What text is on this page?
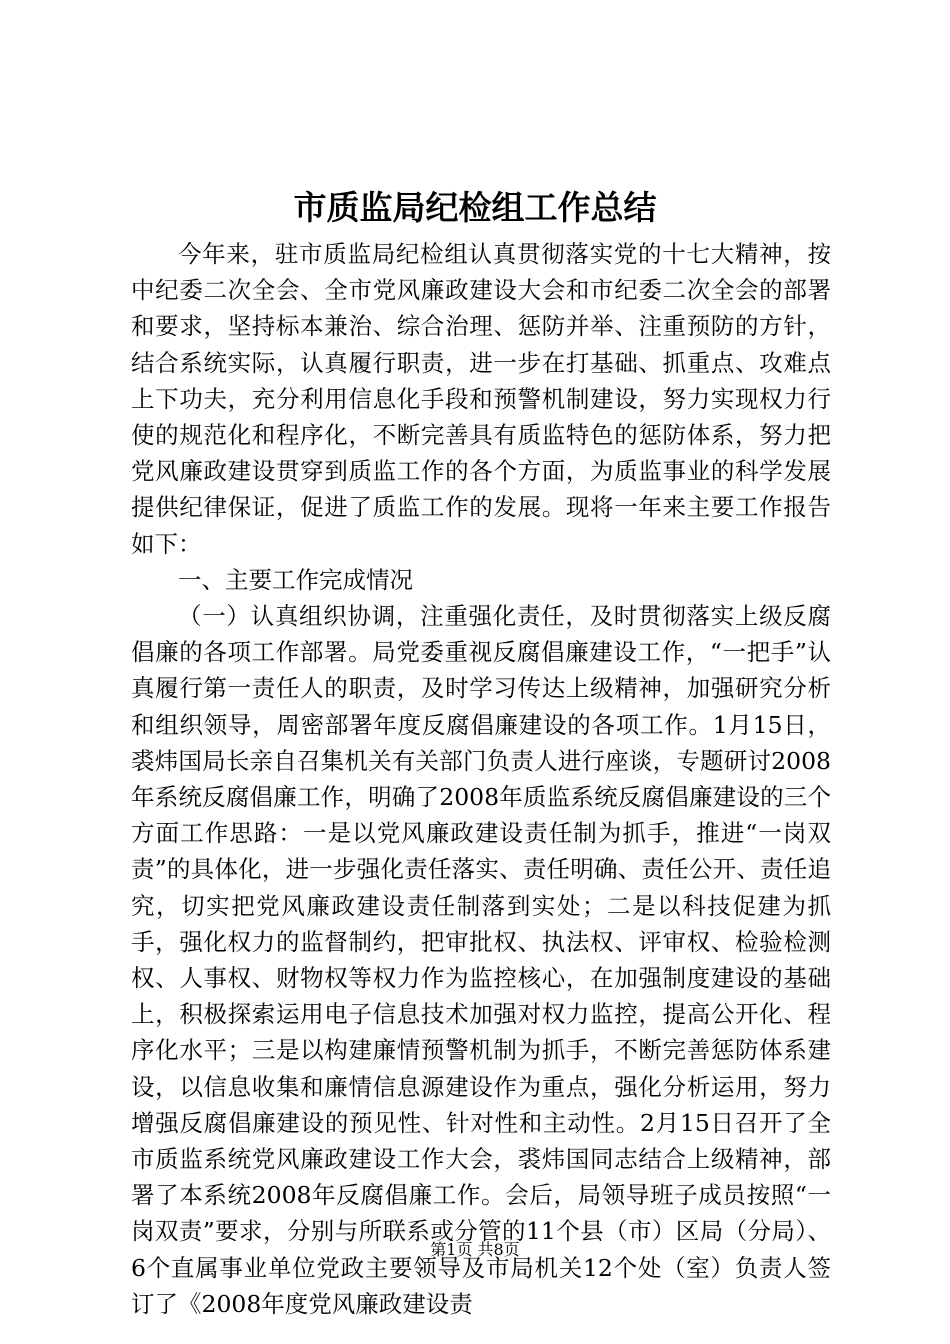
市质监局纪检组工作总结

今年来，驻市质监局纪检组认真贯彻落实党的十七大精神，按中纪委二次全会、全市党风廉政建设大会和市纪委二次全会的部署和要求，坚持标本兼治、综合治理、惩防并举、注重预防的方针，结合系统实际，认真履行职责，进一步在打基础、抓重点、攻难点上下功夫，充分利用信息化手段和预警机制建设，努力实现权力行使的规范化和程序化，不断完善具有质监特色的惩防体系，努力把党风廉政建设贯穿到质监工作的各个方面，为质监事业的科学发展提供纪律保证，促进了质监工作的发展。现将一年来主要工作报告如下：

一、主要工作完成情况

（一）认真组织协调，注重强化责任，及时贯彻落实上级反腐倡廉的各项工作部署。局党委重视反腐倡廉建设工作，“一把手”认真履行第一责任人的职责，及时学习传达上级精神，加强研究分析和组织领导，周密部署年度反腐倡廉建设的各项工作。1月15日，裘炜国局长亲自召集机关有关部门负责人进行座谈，专题研讨2008年系统反腐倡廉工作，明确了2008年质监系统反腐倡廉建设的三个方面工作思路：一是以党风廉政建设责任制为抓手，推进“一岗双责”的具体化，进一步强化责任落实、责任明确、责任公开、责任追究，切实把党风廉政建设责任制落到实处；二是以科技促建为抓手，强化权力的监督制约，把审批权、执法权、评审权、检验检测权、人事权、财物权等权力作为监控核心，在加强制度建设的基础上，积极探索运用电子信息技术加强对权力监控，提高公开化、程序化水平；三是以构建廉情预警机制为抓手，不断完善惩防体系建设，以信息收集和廉情信息源建设作为重点，强化分析运用，努力增强反腐倡廉建设的预见性、针对性和主动性。2月15日召开了全市质监系统党风廉政建设工作大会，裘炜国同志结合上级精神，部署了本系统2008年反腐倡廉工作。会后，局领导班子成员按照“一岗双责”要求，分别与所联系或分管的11个县（市）区局（分局）、6个直属事业单位党政主要领导及市局机关12个处（室）负责人签订了《2008年度党风廉政建设责

第1页 共8页
